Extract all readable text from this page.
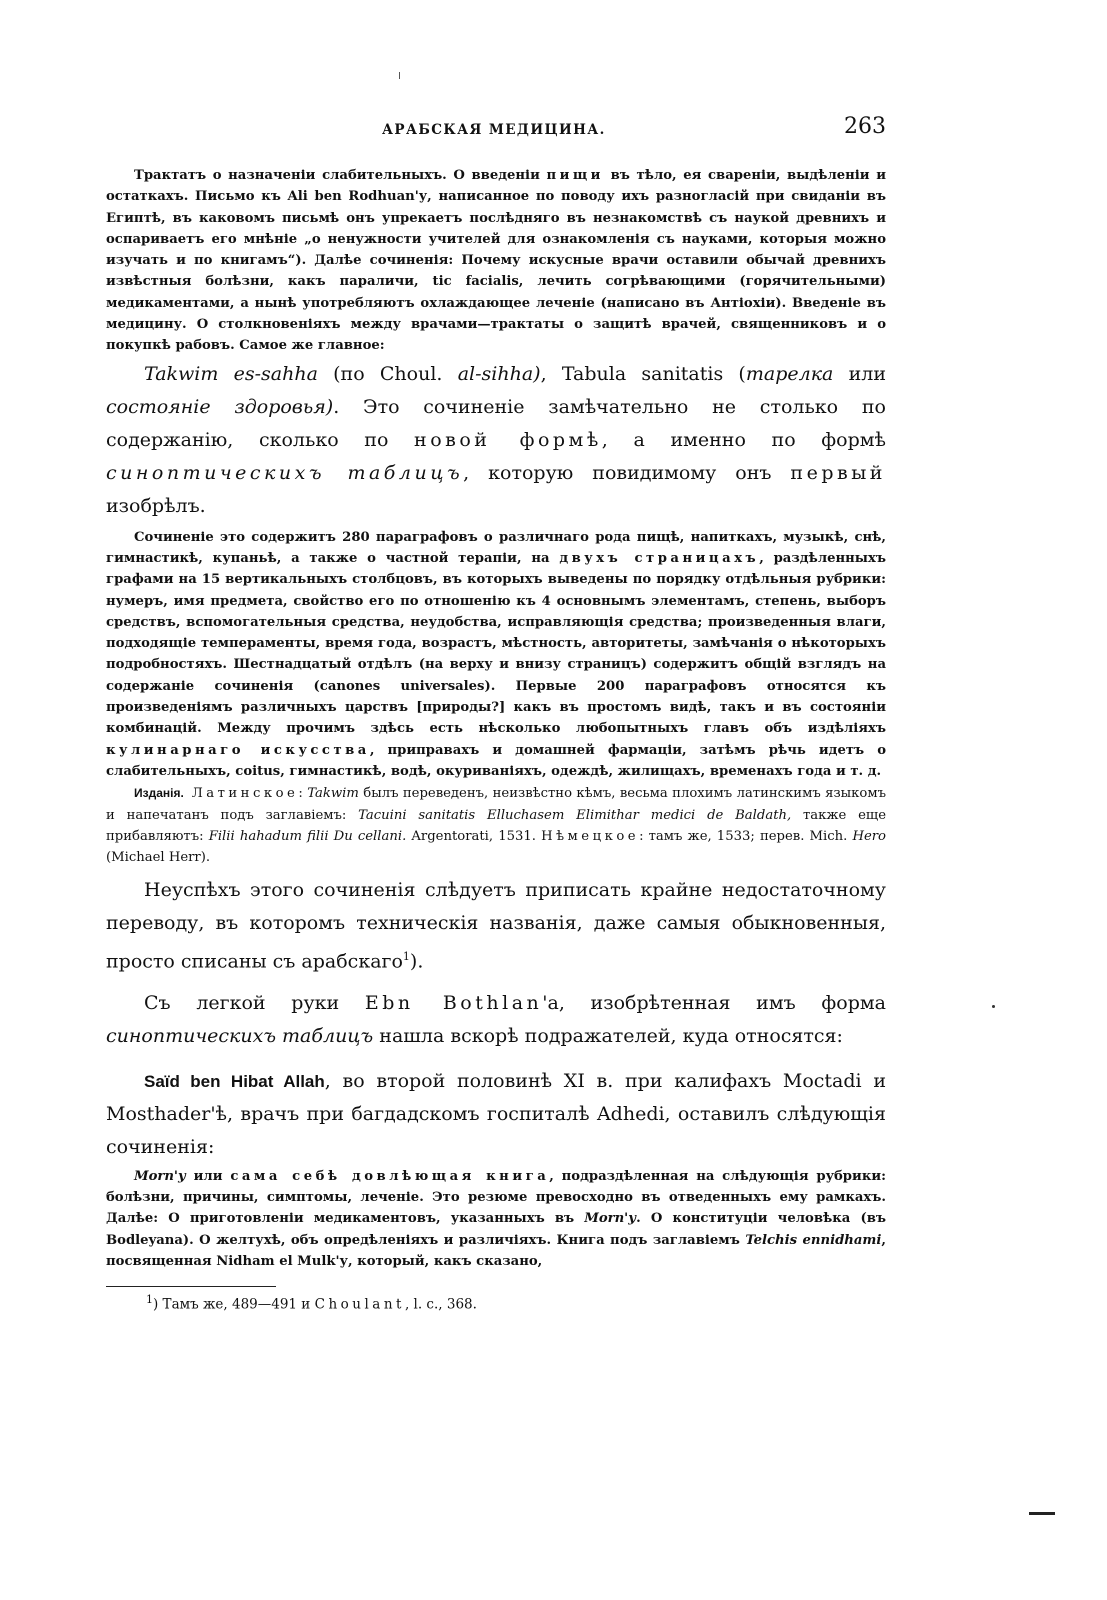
АРАБСКАЯ МЕДИЦИНА.	263

Трактатъ о назначеніи слабительныхъ. О введеніи пищи въ тѣло, ея свареніи, выдѣленіи и остаткахъ. Письмо къ Ali ben Rodhuan'у, написанное по поводу ихъ разногласій при свиданіи въ Египтѣ, въ каковомъ письмѣ онъ упрекаетъ послѣдняго въ незнакомствѣ съ наукой древнихъ и оспариваетъ его мнѣніе „о ненужности учителей для ознакомленія съ науками, которыя можно изучать и по книгамъ“). Далѣе сочиненія: Почему искусные врачи оставили обычай древнихъ извѣстныя болѣзни, какъ параличи, tic facialis, лечить согрѣвающими (горячительными) медикаментами, а нынѣ употребляютъ охлаждающее леченіе (написано въ Антіохіи). Введеніе въ медицину. О столкновеніяхъ между врачами—трактаты о защитѣ врачей, священниковъ и о покупкѣ рабовъ. Самое же главное:

Takwim es-sahha (по Choul. al-sihha), Tabula sanitatis (тарелка или состояніе здоровья). Это сочиненіе замѣчательно не столько по содержанію, сколько по новой формѣ, а именно по формѣ синоптическихъ таблицъ, которую повидимому онъ первый изобрѣлъ.

Сочиненіе это содержитъ 280 параграфовъ о различнаго рода пищѣ, напиткахъ, музыкѣ, снѣ, гимнастикѣ, купаньѣ, а также о частной терапіи, на двухъ страницахъ, раздѣленныхъ графами на 15 вертикальныхъ столбцовъ, въ которыхъ выведены по порядку отдѣльныя рубрики: нумеръ, имя предмета, свойство его по отношенію къ 4 основнымъ элементамъ, степень, выборъ средствъ, вспомогательныя средства, неудобства, исправляющія средства; произведенныя влаги, подходящіе темпераменты, время года, возрастъ, мѣстность, авторитеты, замѣчанія о нѣкоторыхъ подробностяхъ. Шестнадцатый отдѣлъ (на верху и внизу страницъ) содержитъ общій взглядъ на содержаніе сочиненія (canones universales). Первые 200 параграфовъ относятся къ произведеніямъ различныхъ царствъ [природы?] какъ въ простомъ видѣ, такъ и въ состояніи комбинацій. Между прочимъ здѣсь есть нѣсколько любопытныхъ главъ объ издѣліяхъ кулинарнаго искусства, приправахъ и домашней фармаціи, затѣмъ рѣчь идетъ о слабительныхъ, coitus, гимнастикѣ, водѣ, окуриваніяхъ, одеждѣ, жилищахъ, временахъ года и т. д.

Изданія. Латинское: Takwim былъ переведенъ, неизвѣстно кѣмъ, весьма плохимъ латинскимъ языкомъ и напечатанъ подъ заглавіемъ: Tacuini sanitatis Elluchasem Elimithar medici de Baldath, также еще прибавляютъ: Filii hahadum filii Du cellani. Argentorati, 1531. Нѣмецкое: тамъ же, 1533; перев. Mich. Hero (Michael Herr).

Неуспѣхъ этого сочиненія слѣдуетъ приписать крайне недостаточному переводу, въ которомъ техническія названія, даже самыя обыкновенныя, просто списаны съ арабскаго$^1$).

Съ легкой руки Ebn Bothlan'a, изобрѣтенная имъ форма синоптическихъ таблицъ нашла вскорѣ подражателей, куда относятся:

Saïd ben Hibat Allah, во второй половинѣ XI в. при калифахъ Moctadi и Mosthader'ѣ, врачъ при багдадскомъ госпиталѣ Adhedi, оставилъ слѣдующія сочиненія:

Morn'у или сама себѣ довлѣющая книга, подраздѣленная на слѣдующія рубрики: болѣзни, причины, симптомы, леченіе. Это резюме превосходно въ отведенныхъ ему рамкахъ. Далѣе: О приготовленіи медикаментовъ, указанныхъ въ Morn'у. О конституціи человѣка (въ Bodleyana). О желтухѣ, объ опредѣленіяхъ и различіяхъ. Книга подъ заглавіемъ Telchis ennidhami, посвященная Nidham el Mulk'у, который, какъ сказано,

$^1$) Тамъ же, 489—491 и Choulant, l. c., 368.
